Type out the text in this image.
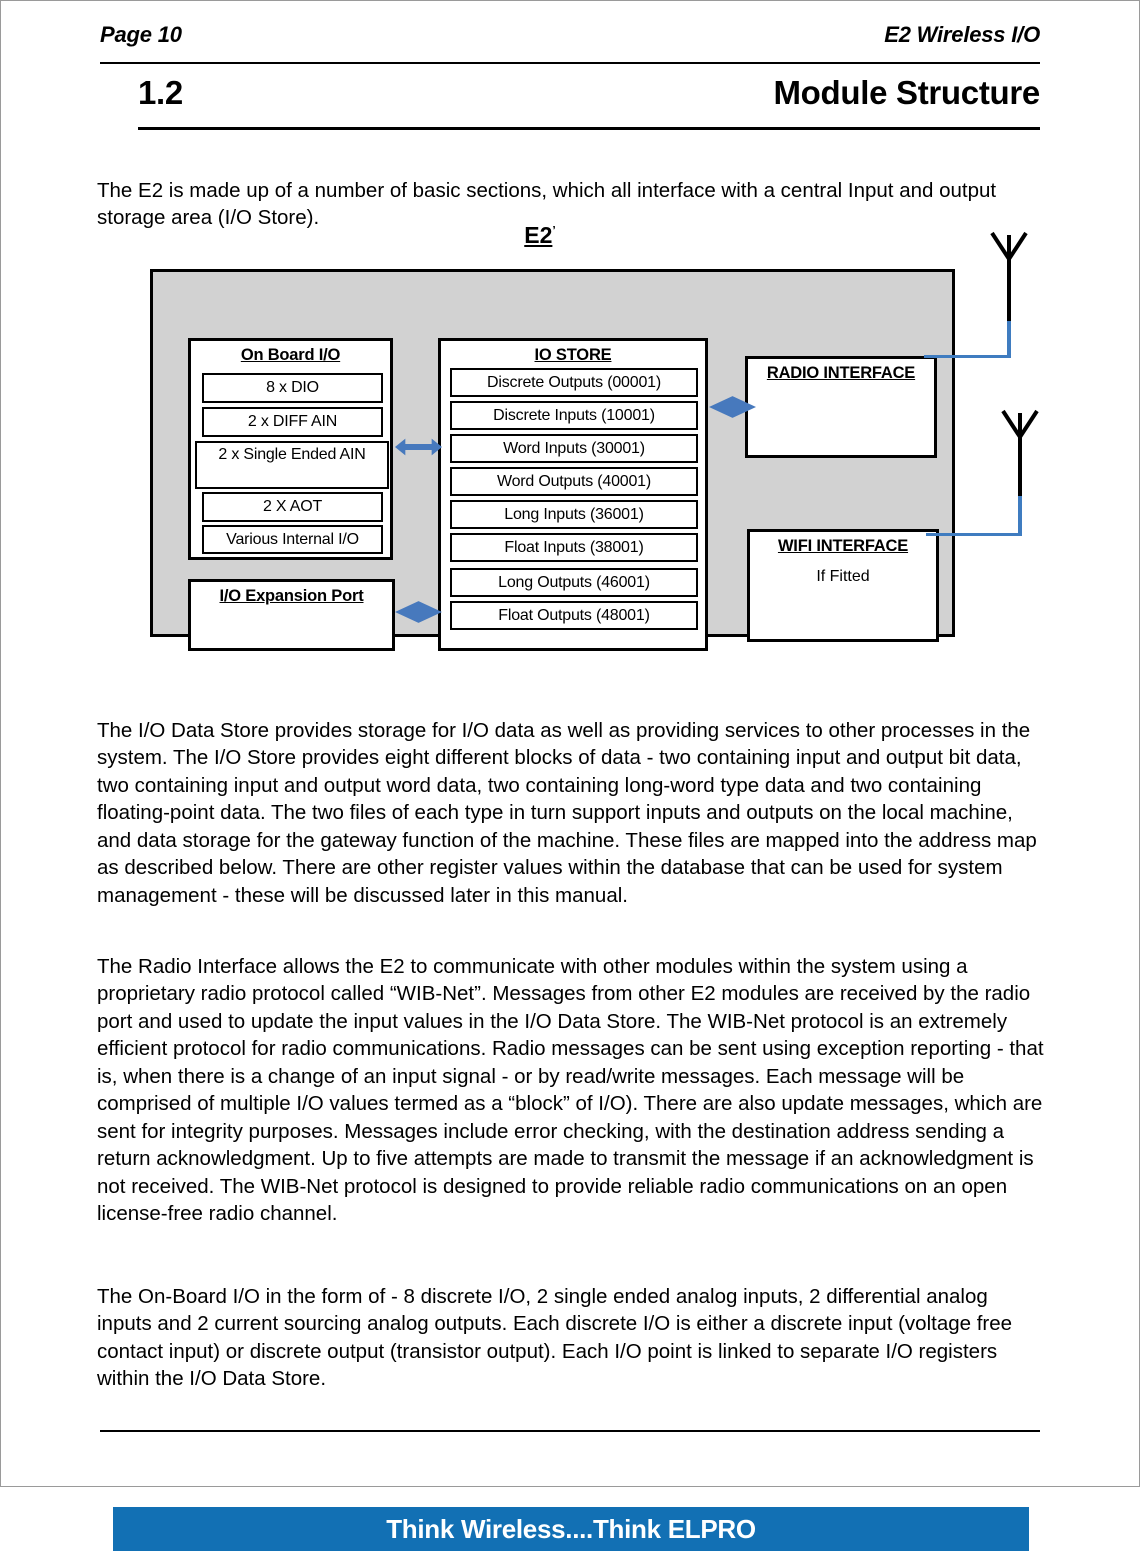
Page 10	E2 Wireless I/O
1.2	Module Structure

The E2 is made up of a number of basic sections, which all interface with a central Input and output storage area (I/O Store).

E2’
On Board I/O
8 x DIO
2 x DIFF AIN
2 x Single Ended AIN
2 X AOT
Various Internal I/O
I/O Expansion Port
IO STORE
Discrete Outputs (00001)
Discrete Inputs (10001)
Word Inputs (30001)
Word Outputs (40001)
Long Inputs (36001)
Float Inputs (38001)
Long Outputs (46001)
Float Outputs (48001)
RADIO INTERFACE
WIFI INTERFACE
If Fitted

The I/O Data Store provides storage for I/O data as well as providing services to other processes in the system. The I/O Store provides eight different blocks of data - two containing input and output bit data, two containing input and output word data, two containing long-word type data and two containing floating-point data. The two files of each type in turn support inputs and outputs on the local machine, and data storage for the gateway function of the machine. These files are mapped into the address map as described below. There are other register values within the database that can be used for system management - these will be discussed later in this manual.

The Radio Interface allows the E2 to communicate with other modules within the system using a proprietary radio protocol called “WIB-Net”. Messages from other E2 modules are received by the radio port and used to update the input values in the I/O Data Store. The WIB-Net protocol is an extremely efficient protocol for radio communications. Radio messages can be sent using exception reporting - that is, when there is a change of an input signal - or by read/write messages. Each message will be comprised of multiple I/O values termed as a “block” of I/O). There are also update messages, which are sent for integrity purposes. Messages include error checking, with the destination address sending a return acknowledgment. Up to five attempts are made to transmit the message if an acknowledgment is not received. The WIB-Net protocol is designed to provide reliable radio communications on an open license-free radio channel.

The On-Board I/O in the form of - 8 discrete I/O, 2 single ended analog inputs, 2 differential analog inputs and 2 current sourcing analog outputs. Each discrete I/O is either a discrete input (voltage free contact input) or discrete output (transistor output). Each I/O point is linked to separate I/O registers within the I/O Data Store.

Think Wireless....Think ELPRO
